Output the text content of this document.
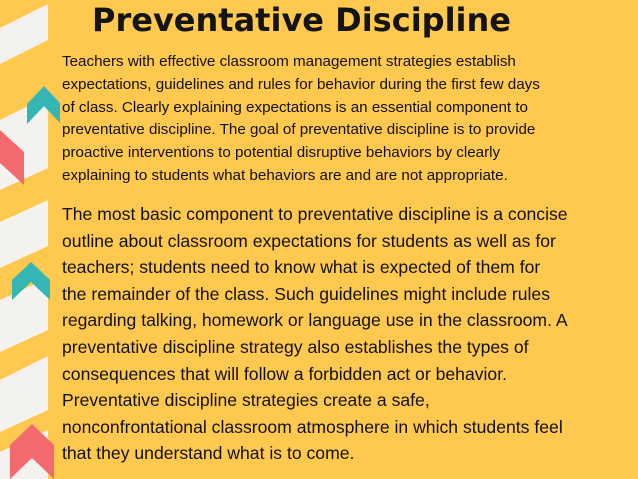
Preventative Discipline
Teachers with effective classroom management strategies establish
expectations, guidelines and rules for behavior during the first few days
of class. Clearly explaining expectations is an essential component to
preventative discipline. The goal of preventative discipline is to provide
proactive interventions to potential disruptive behaviors by clearly
explaining to students what behaviors are and are not appropriate.
The most basic component to preventative discipline is a concise
outline about classroom expectations for students as well as for
teachers; students need to know what is expected of them for
the remainder of the class. Such guidelines might include rules
regarding talking, homework or language use in the classroom. A
preventative discipline strategy also establishes the types of
consequences that will follow a forbidden act or behavior.
Preventative discipline strategies create a safe,
nonconfrontational classroom atmosphere in which students feel
that they understand what is to come.
